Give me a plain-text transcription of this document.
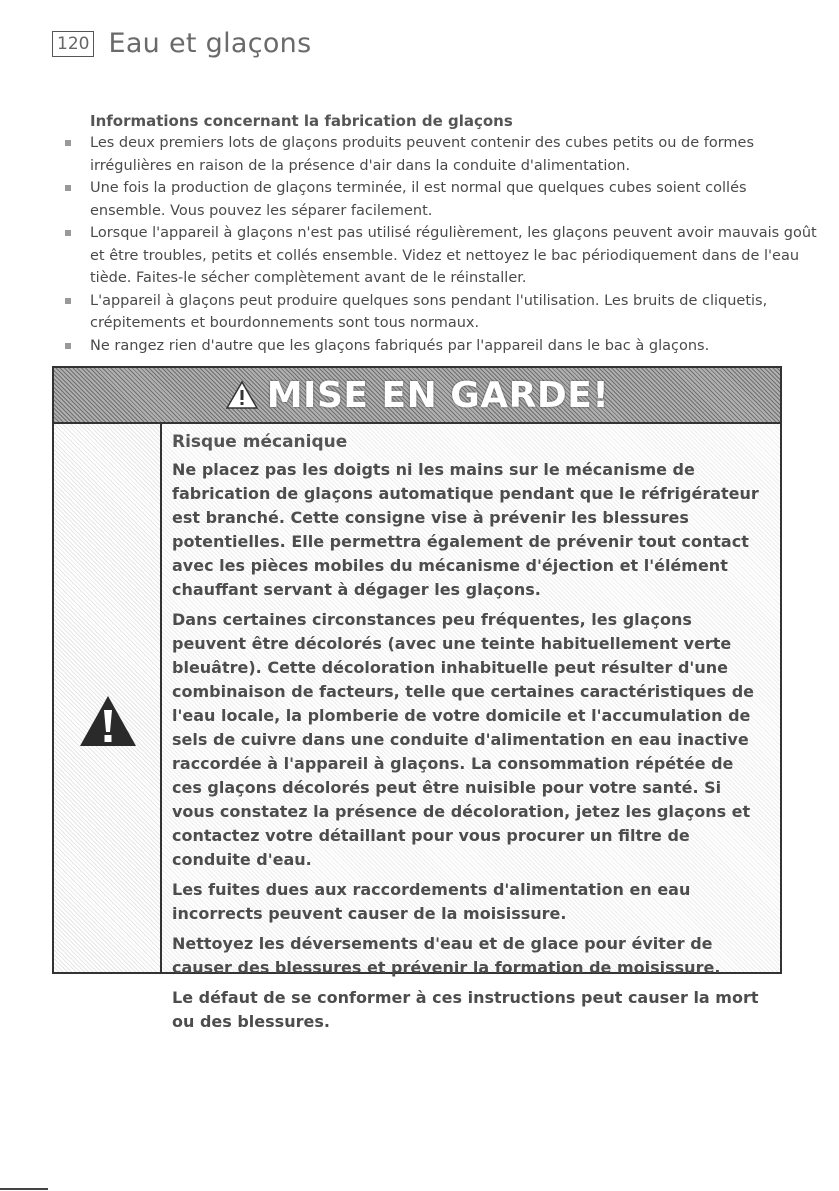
120 Eau et glaçons
Informations concernant la fabrication de glaçons
Les deux premiers lots de glaçons produits peuvent contenir des cubes petits ou de formes irrégulières en raison de la présence d'air dans la conduite d'alimentation.
Une fois la production de glaçons terminée, il est normal que quelques cubes soient collés ensemble. Vous pouvez les séparer facilement.
Lorsque l'appareil à glaçons n'est pas utilisé régulièrement, les glaçons peuvent avoir mauvais goût et être troubles, petits et collés ensemble. Videz et nettoyez le bac périodiquement dans de l'eau tiède. Faites-le sécher complètement avant de le réinstaller.
L'appareil à glaçons peut produire quelques sons pendant l'utilisation. Les bruits de cliquetis, crépitements et bourdonnements sont tous normaux.
Ne rangez rien d'autre que les glaçons fabriqués par l'appareil dans le bac à glaçons.
MISE EN GARDE!
Risque mécanique

Ne placez pas les doigts ni les mains sur le mécanisme de fabrication de glaçons automatique pendant que le réfrigérateur est branché. Cette consigne vise à prévenir les blessures potentielles. Elle permettra également de prévenir tout contact avec les pièces mobiles du mécanisme d'éjection et l'élément chauffant servant à dégager les glaçons.

Dans certaines circonstances peu fréquentes, les glaçons peuvent être décolorés (avec une teinte habituellement verte bleuâtre). Cette décoloration inhabituelle peut résulter d'une combinaison de facteurs, telle que certaines caractéristiques de l'eau locale, la plomberie de votre domicile et l'accumulation de sels de cuivre dans une conduite d'alimentation en eau inactive raccordée à l'appareil à glaçons. La consommation répétée de ces glaçons décolorés peut être nuisible pour votre santé. Si vous constatez la présence de décoloration, jetez les glaçons et contactez votre détaillant pour vous procurer un filtre de conduite d'eau.

Les fuites dues aux raccordements d'alimentation en eau incorrects peuvent causer de la moisissure.

Nettoyez les déversements d'eau et de glace pour éviter de causer des blessures et prévenir la formation de moisissure.

Le défaut de se conformer à ces instructions peut causer la mort ou des blessures.
